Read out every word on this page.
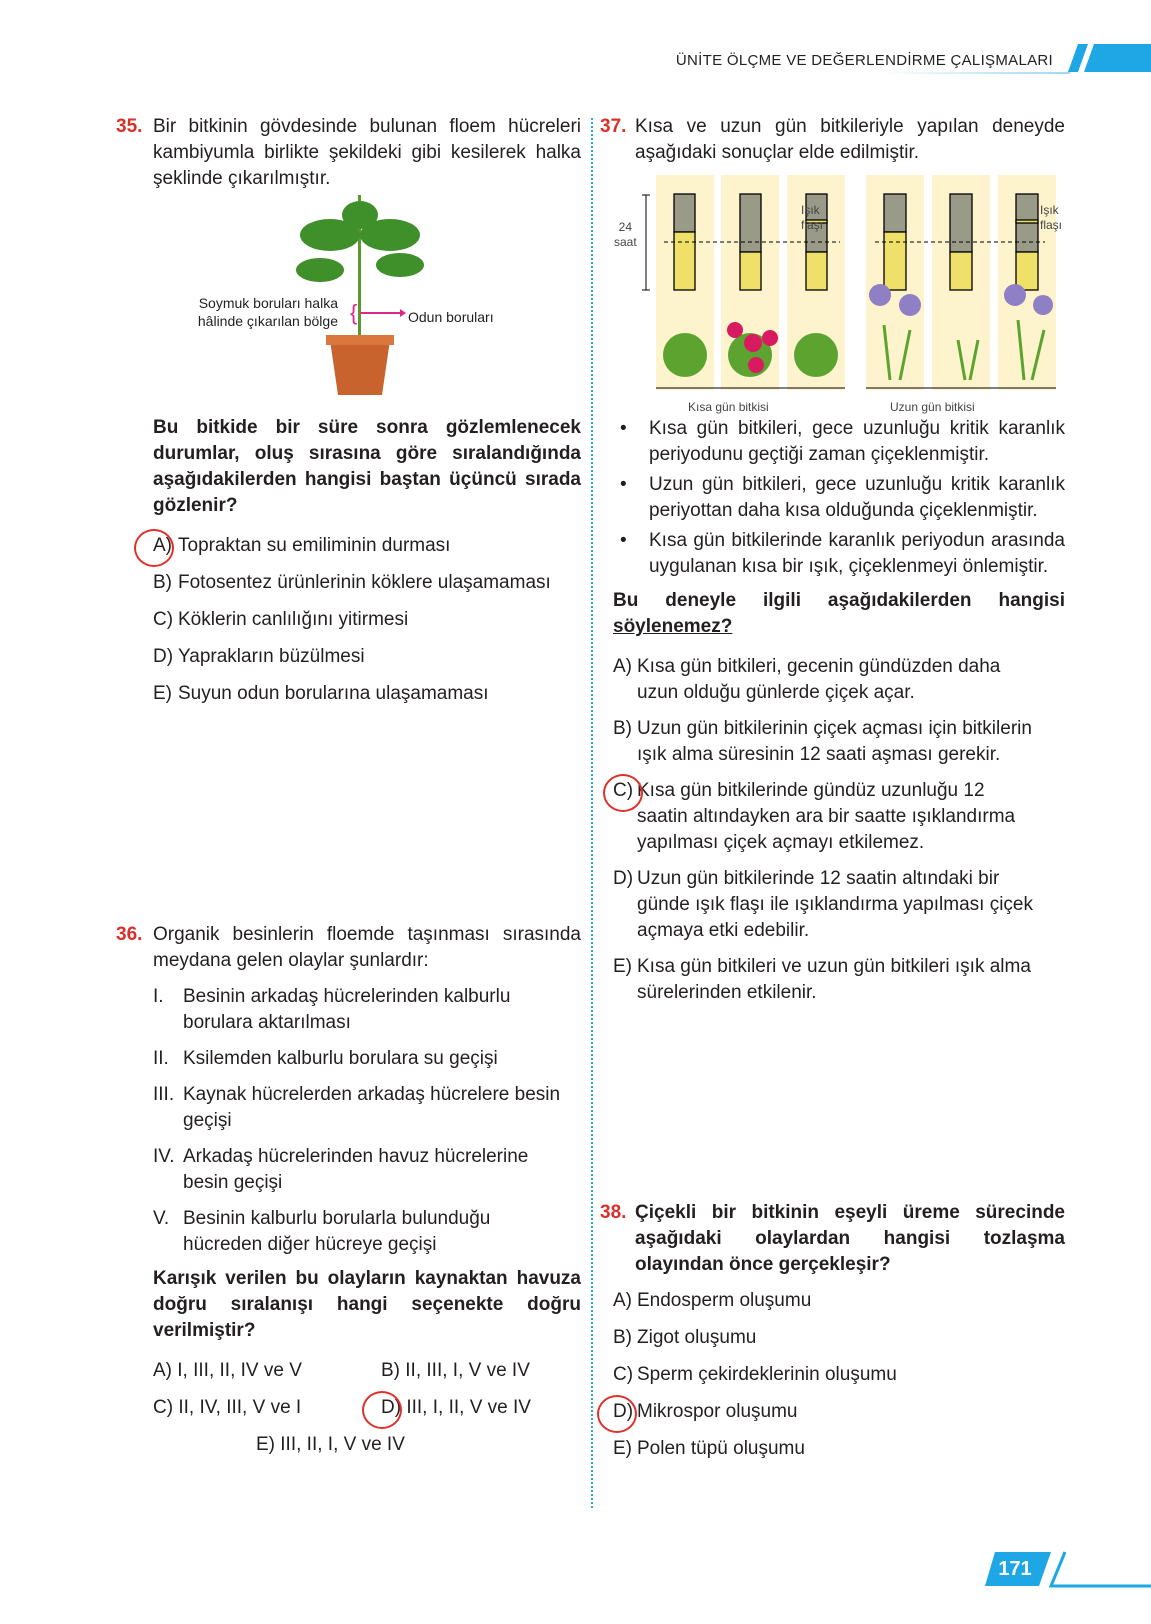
ÜNİTE ÖLÇME VE DEĞERLENDİRME ÇALIŞMALARI
35. Bir bitkinin gövdesinde bulunan floem hücreleri kambiyumla birlikte şekildeki gibi kesilerek halka şeklinde çıkarılmıştır.
{
Soymuk boruları halka hâlinde çıkarılan bölge	Odun boruları
Bu bitkide bir süre sonra gözlemlenecek durumlar, oluş sırasına göre sıralandığında aşağıdakilerden hangisi baştan üçüncü sırada gözlenir?
A) Topraktan su emiliminin durması
B) Fotosentez ürünlerinin köklere ulaşamaması
C) Köklerin canlılığını yitirmesi
D) Yaprakların büzülmesi
E) Suyun odun borularına ulaşamaması
36. Organik besinlerin floemde taşınması sırasında meydana gelen olaylar şunlardır:
I.	Besinin arkadaş hücrelerinden kalburlu borulara aktarılması
II. Ksilemden kalburlu borulara su geçişi
III. Kaynak hücrelerden arkadaş hücrelere besin geçişi
IV. Arkadaş hücrelerinden havuz hücrelerine besin geçişi
V. Besinin kalburlu borularla bulunduğu hücreden diğer hücreye geçişi
Karışık verilen bu olayların kaynaktan havuza doğru sıralanışı hangi seçenekte doğru verilmiştir?
A) I, III, II, IV ve V	B) II, III, I, V ve IV
C) II, IV, III, V ve I	D) III, I, II, V ve IV
E) III, II, I, V ve IV
37. Kısa ve uzun gün bitkileriyle yapılan deneyde aşağıdaki sonuçlar elde edilmiştir.
24
saat
Işık
flaşı
Işık
flaşı
Kısa gün bitkisi	Uzun gün bitkisi
•	Kısa gün bitkileri, gece uzunluğu kritik karanlık periyodunu geçtiği zaman çiçeklenmiştir.
•	Uzun gün bitkileri, gece uzunluğu kritik karanlık periyottan daha kısa olduğunda çiçeklenmiştir.
•	Kısa gün bitkilerinde karanlık periyodun arasında uygulanan kısa bir ışık, çiçeklenmeyi önlemiştir.
Bu deneyle ilgili aşağıdakilerden hangisi söylenemez?
A) Kısa gün bitkileri, gecenin gündüzden daha uzun olduğu günlerde çiçek açar.
B) Uzun gün bitkilerinin çiçek açması için bitkilerin ışık alma süresinin 12 saati aşması gerekir.
C) Kısa gün bitkilerinde gündüz uzunluğu 12 saatin altındayken ara bir saatte ışıklandırma yapılması çiçek açmayı etkilemez.
D) Uzun gün bitkilerinde 12 saatin altındaki bir günde ışık flaşı ile ışıklandırma yapılması çiçek açmaya etki edebilir.
E) Kısa gün bitkileri ve uzun gün bitkileri ışık alma sürelerinden etkilenir.
38. Çiçekli bir bitkinin eşeyli üreme sürecinde aşağıdaki olaylardan hangisi tozlaşma olayından önce gerçekleşir?
A) Endosperm oluşumu
B) Zigot oluşumu
C) Sperm çekirdeklerinin oluşumu
D) Mikrospor oluşumu
E) Polen tüpü oluşumu
171
